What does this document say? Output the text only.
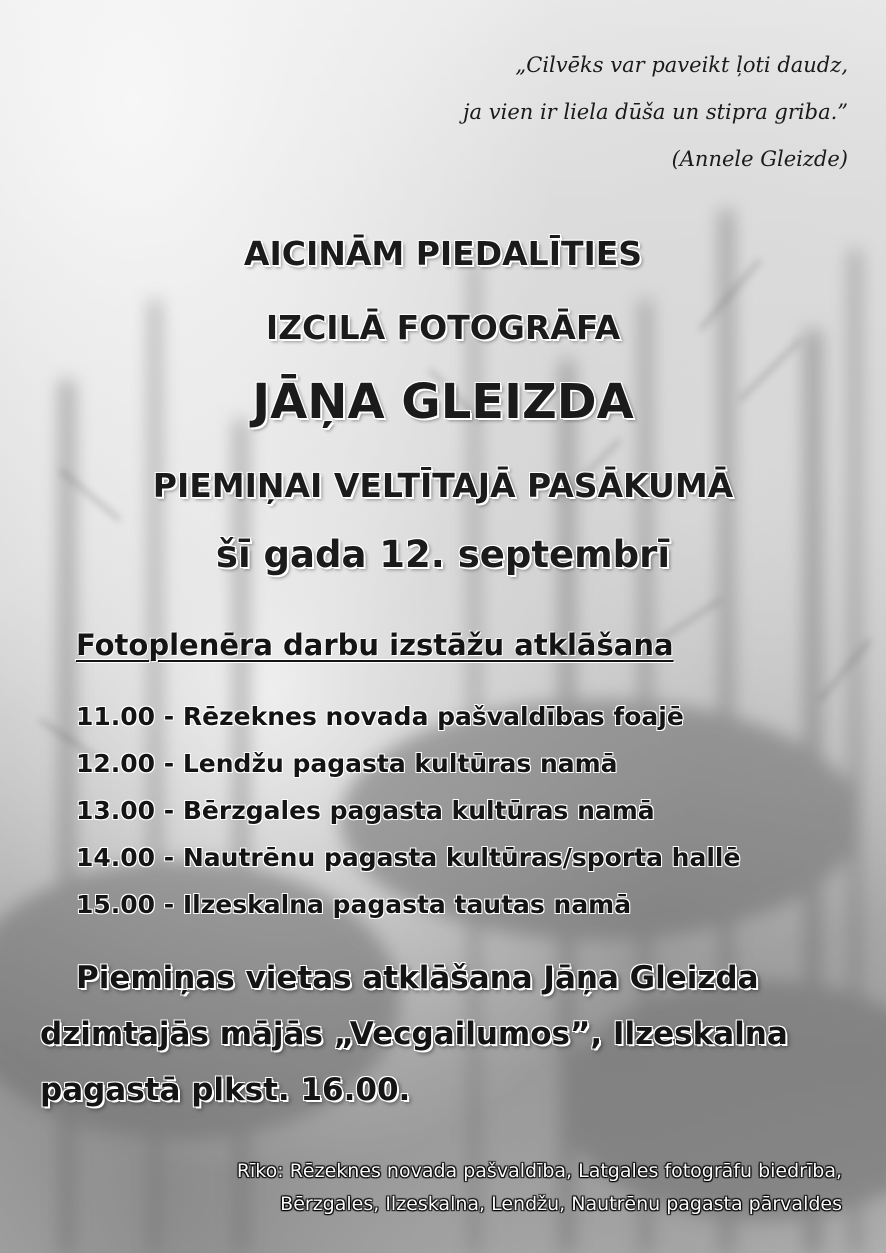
„Cilvēks var paveikt ļoti daudz,
ja vien ir liela dūša un stipra griba.”
(Annele Gleizde)
AICINĀM PIEDALĪTIES
IZCILĀ FOTOGRĀFA
JĀŅA GLEIZDA
PIEMIŅAI VELTĪTAJĀ PASĀKUMĀ
šī gada 12. septembrī
Fotoplenēra darbu izstāžu atklāšana
11.00 - Rēzeknes novada pašvaldības foajē
12.00 - Lendžu pagasta kultūras namā
13.00 - Bērzgales pagasta kultūras namā
14.00 - Nautrēnu pagasta kultūras/sporta hallē
15.00 - Ilzeskalna pagasta tautas namā
Piemiņas vietas atklāšana Jāņa Gleizda
dzimtajās mājās „Vecgailumos”, Ilzeskalna
pagastā plkst. 16.00.
Rīko: Rēzeknes novada pašvaldība, Latgales fotogrāfu biedrība,
Bērzgales, Ilzeskalna, Lendžu, Nautrēnu pagasta pārvaldes
